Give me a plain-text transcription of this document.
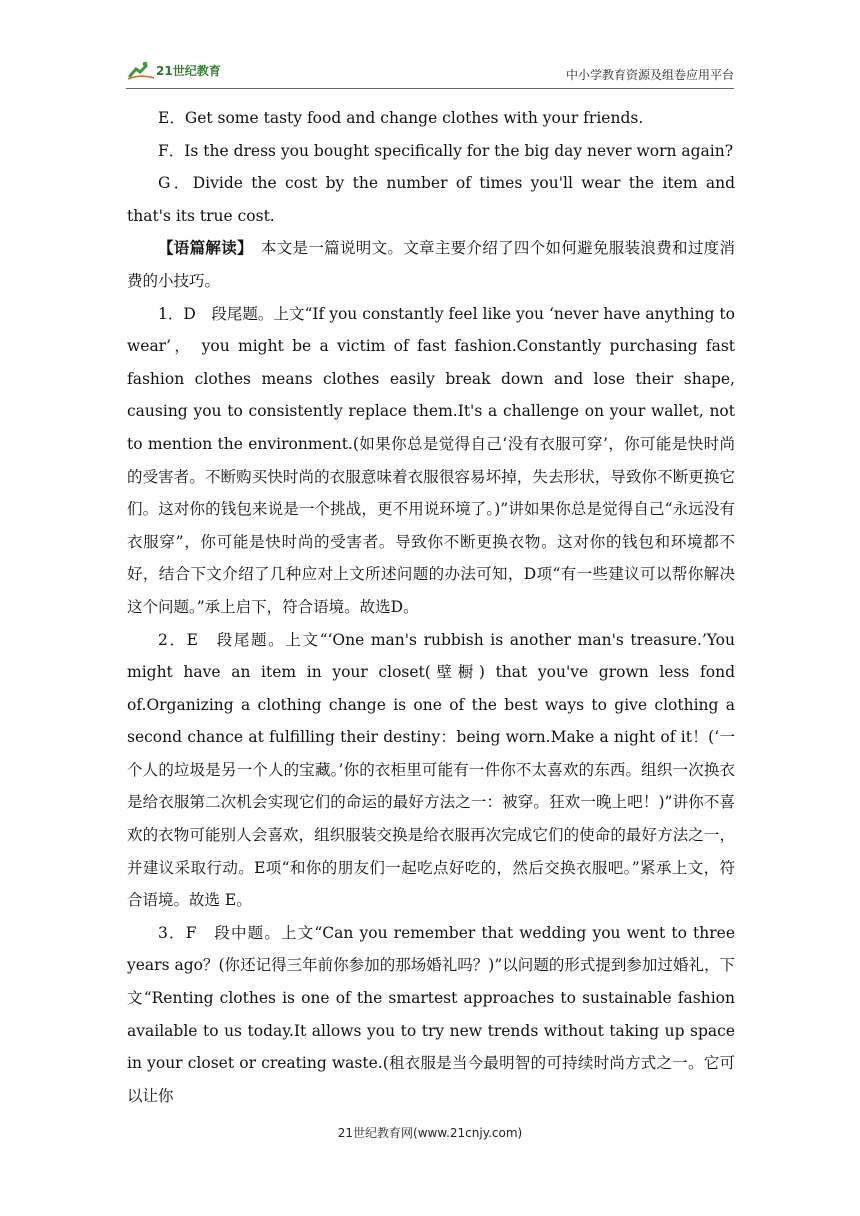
21世纪教育	中小学教育资源及组卷应用平台

E．Get some tasty food and change clothes with your friends.

F．Is the dress you bought specifically for the big day never worn again?

G．Divide the cost by the number of times you'll wear the item and that's its true cost.

【语篇解读】　本文是一篇说明文。文章主要介绍了四个如何避免服装浪费和过度消费的小技巧。

1．D　段尾题。上文“If you constantly feel like you ‘never have anything to wear’， you might be a victim of fast fashion.Constantly purchasing fast fashion clothes means clothes easily break down and lose their shape, causing you to consistently replace them.It's a challenge on your wallet, not to mention the environment.(如果你总是觉得自己‘没有衣服可穿’，你可能是快时尚的受害者。不断购买快时尚的衣服意味着衣服很容易坏掉，失去形状，导致你不断更换它们。这对你的钱包来说是一个挑战，更不用说环境了。)”讲如果你总是觉得自己“永远没有衣服穿”，你可能是快时尚的受害者。导致你不断更换衣物。这对你的钱包和环境都不好，结合下文介绍了几种应对上文所述问题的办法可知，D项“有一些建议可以帮你解决这个问题。”承上启下，符合语境。故选D。

2．E　段尾题。上文“‘One man's rubbish is another man's treasure.’You might have an item in your closet(壁橱) that you've grown less fond of.Organizing a clothing change is one of the best ways to give clothing a second chance at fulfilling their destiny：being worn.Make a night of it！(‘一个人的垃圾是另一个人的宝藏。’你的衣柜里可能有一件你不太喜欢的东西。组织一次换衣是给衣服第二次机会实现它们的命运的最好方法之一：被穿。狂欢一晚上吧！)”讲你不喜欢的衣物可能别人会喜欢，组织服装交换是给衣服再次完成它们的使命的最好方法之一，并建议采取行动。E项“和你的朋友们一起吃点好吃的，然后交换衣服吧。”紧承上文，符合语境。故选 E。

3．F　段中题。上文“Can you remember that wedding you went to three years ago？(你还记得三年前你参加的那场婚礼吗？)”以问题的形式提到参加过婚礼，下文“Renting clothes is one of the smartest approaches to sustainable fashion available to us today.It allows you to try new trends without taking up space in your closet or creating waste.(租衣服是当今最明智的可持续时尚方式之一。它可以让你

21世纪教育网(www.21cnjy.com)
